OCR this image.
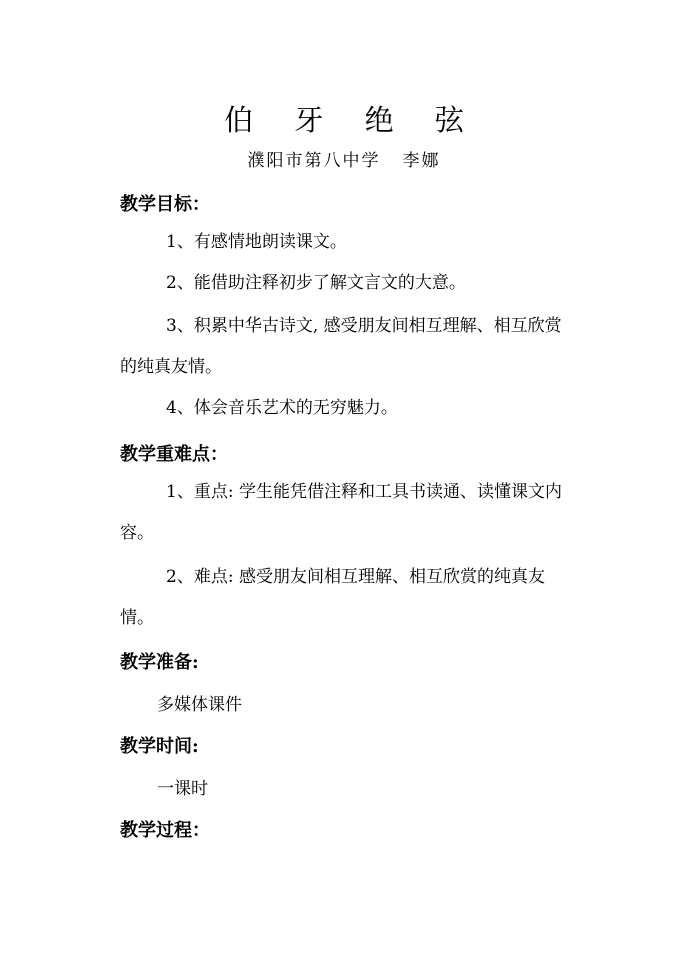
伯 牙 绝 弦
濮阳市第八中学 李娜
教学目标：
1、有感情地朗读课文。
2、能借助注释初步了解文言文的大意。
3、积累中华古诗文, 感受朋友间相互理解、相互欣赏的纯真友情。
4、体会音乐艺术的无穷魅力。
教学重难点：
1、重点: 学生能凭借注释和工具书读通、读懂课文内容。
2、难点: 感受朋友间相互理解、相互欣赏的纯真友情。
教学准备:
多媒体课件
教学时间:
一课时
教学过程：
